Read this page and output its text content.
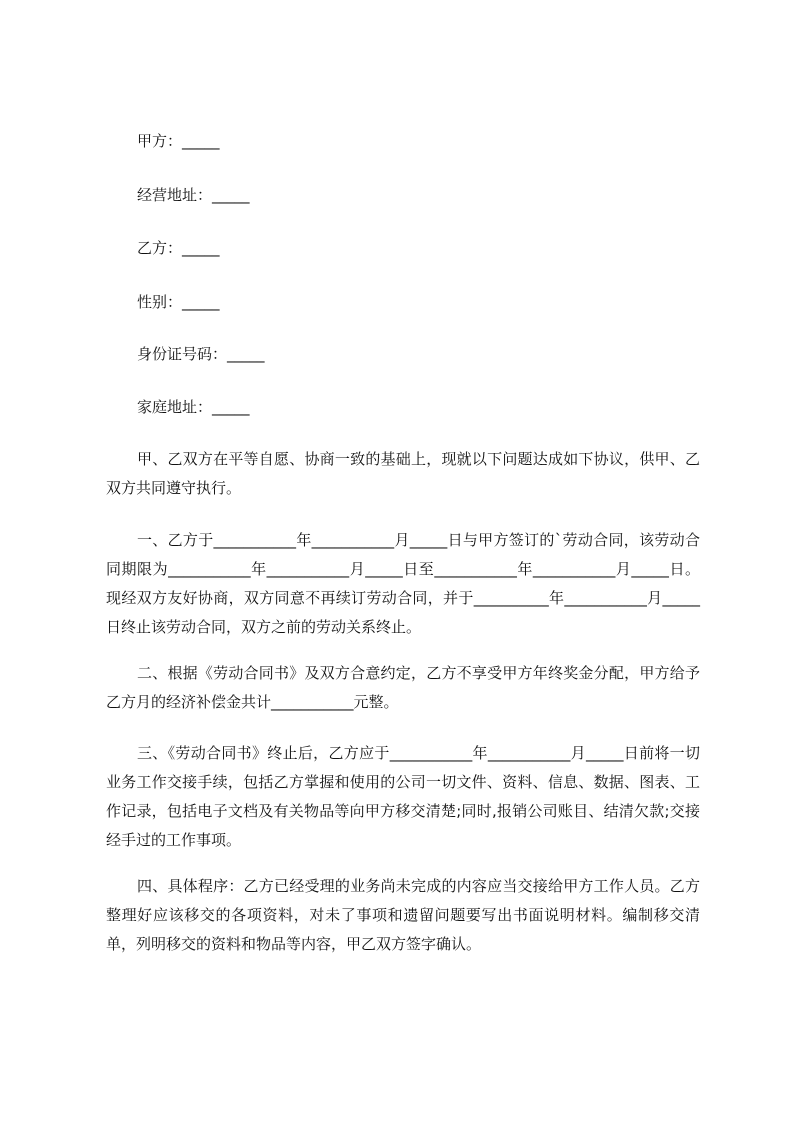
甲方：_____
经营地址：_____
乙方：_____
性别：_____
身份证号码：_____
家庭地址：_____

甲、乙双方在平等自愿、协商一致的基础上，现就以下问题达成如下协议，供甲、乙双方共同遵守执行。

一、乙方于___________年___________月_____日与甲方签订的`劳动合同，该劳动合同期限为___________年___________月_____日至___________年___________月_____日。现经双方友好协商，双方同意不再续订劳动合同，并于__________年___________月_____日终止该劳动合同，双方之前的劳动关系终止。

二、根据《劳动合同书》及双方合意约定，乙方不享受甲方年终奖金分配，甲方给予乙方月的经济补偿金共计___________元整。

三、《劳动合同书》终止后，乙方应于___________年___________月_____日前将一切业务工作交接手续，包括乙方掌握和使用的公司一切文件、资料、信息、数据、图表、工作记录，包括电子文档及有关物品等向甲方移交清楚;同时,报销公司账目、结清欠款;交接经手过的工作事项。

四、具体程序：乙方已经受理的业务尚未完成的内容应当交接给甲方工作人员。乙方整理好应该移交的各项资料，对未了事项和遗留问题要写出书面说明材料。编制移交清单，列明移交的资料和物品等内容，甲乙双方签字确认。
